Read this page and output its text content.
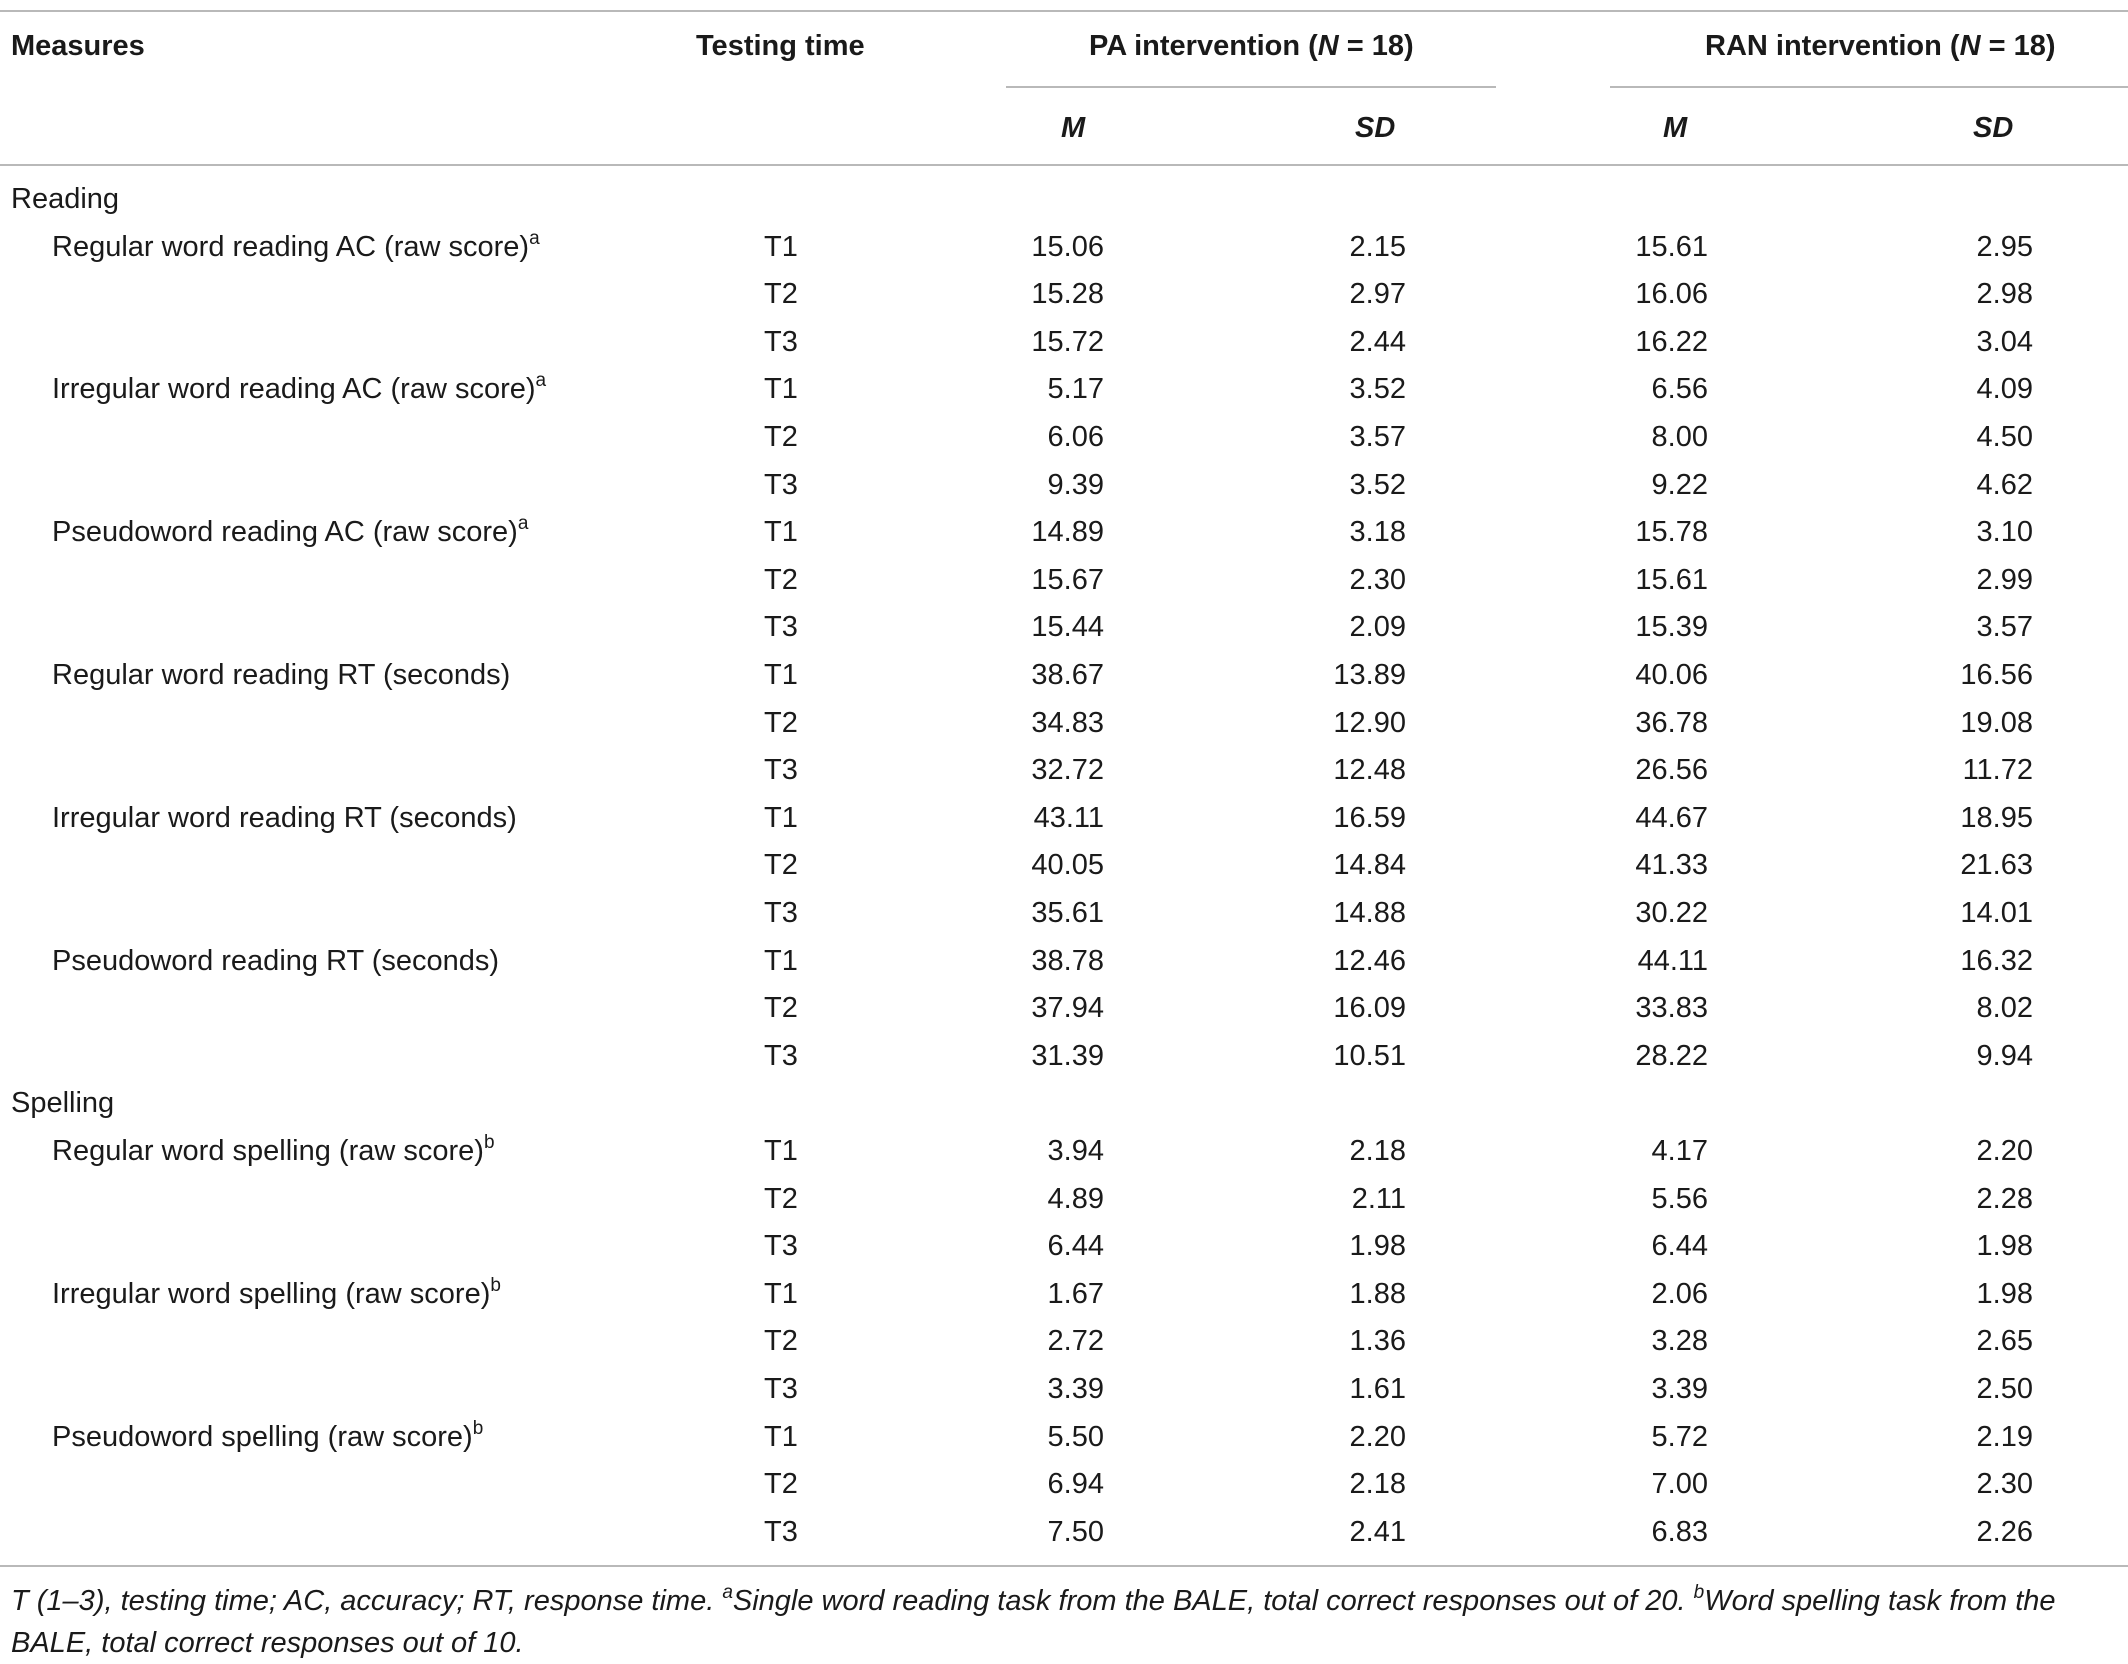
Measures	Testing time	PA intervention (N = 18)	RAN intervention (N = 18)
M	SD	M	SD
Reading
Regular word reading AC (raw score)$^a$	T1	15.06	2.15	15.61	2.95
T2	15.28	2.97	16.06	2.98
T3	15.72	2.44	16.22	3.04
Irregular word reading AC (raw score)$^a$	T1	5.17	3.52	6.56	4.09
T2	6.06	3.57	8.00	4.50
T3	9.39	3.52	9.22	4.62
Pseudoword reading AC (raw score)$^a$	T1	14.89	3.18	15.78	3.10
T2	15.67	2.30	15.61	2.99
T3	15.44	2.09	15.39	3.57
Regular word reading RT (seconds)	T1	38.67	13.89	40.06	16.56
T2	34.83	12.90	36.78	19.08
T3	32.72	12.48	26.56	11.72
Irregular word reading RT (seconds)	T1	43.11	16.59	44.67	18.95
T2	40.05	14.84	41.33	21.63
T3	35.61	14.88	30.22	14.01
Pseudoword reading RT (seconds)	T1	38.78	12.46	44.11	16.32
T2	37.94	16.09	33.83	8.02
T3	31.39	10.51	28.22	9.94
Spelling
Regular word spelling (raw score)$^b$	T1	3.94	2.18	4.17	2.20
T2	4.89	2.11	5.56	2.28
T3	6.44	1.98	6.44	1.98
Irregular word spelling (raw score)$^b$	T1	1.67	1.88	2.06	1.98
T2	2.72	1.36	3.28	2.65
T3	3.39	1.61	3.39	2.50
Pseudoword spelling (raw score)$^b$	T1	5.50	2.20	5.72	2.19
T2	6.94	2.18	7.00	2.30
T3	7.50	2.41	6.83	2.26
T (1–3), testing time; AC, accuracy; RT, response time. $^a$Single word reading task from the BALE, total correct responses out of 20. $^b$Word spelling task from the BALE, total correct responses out of 10.
